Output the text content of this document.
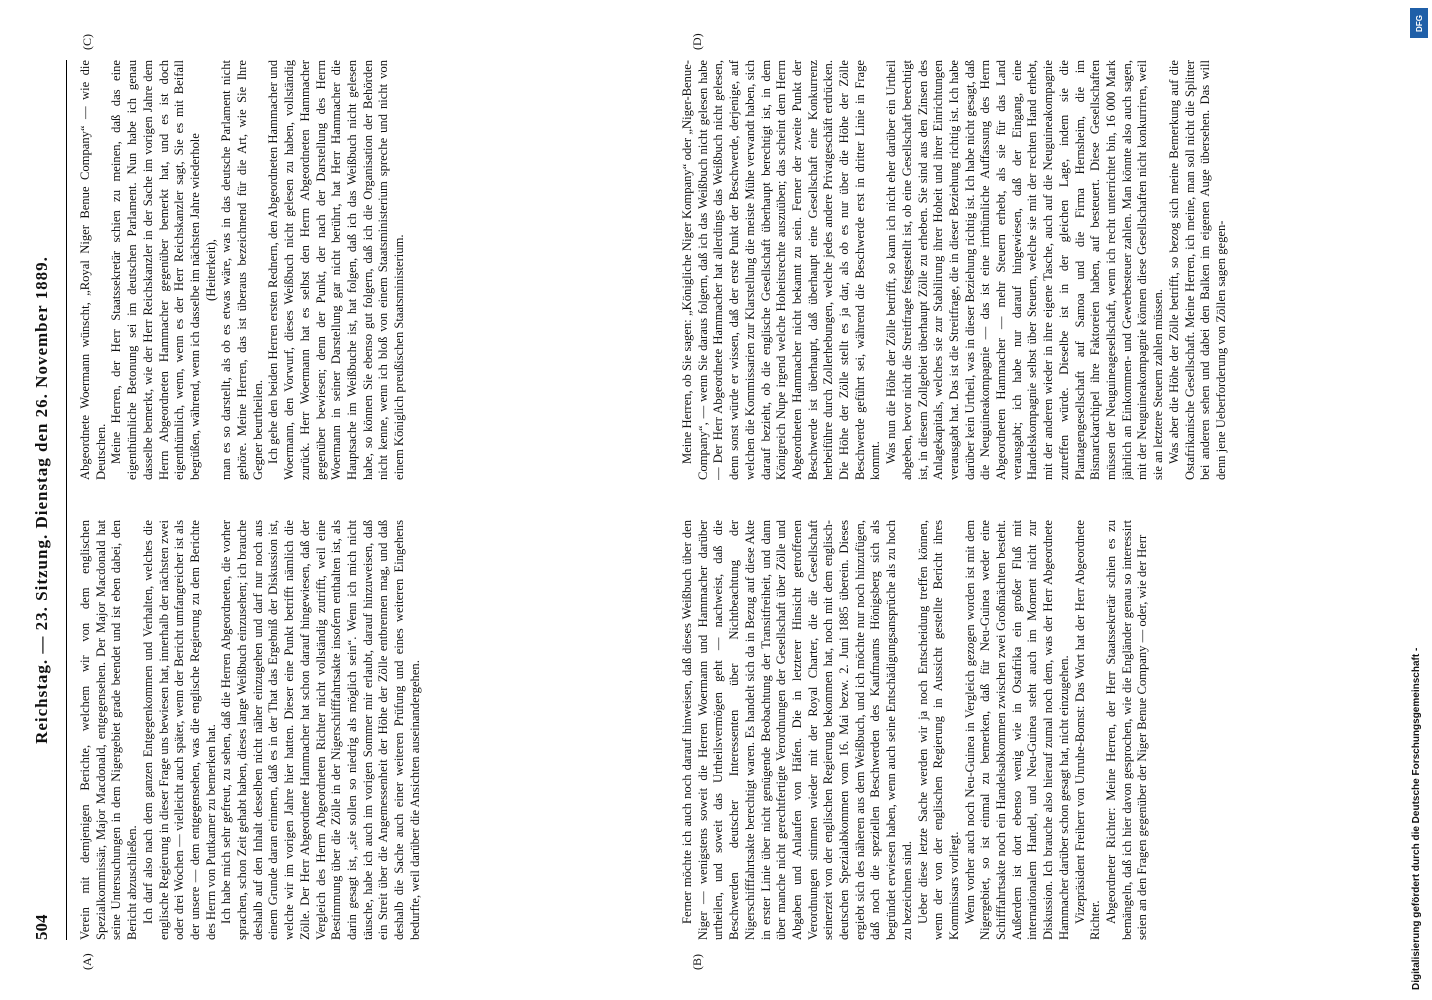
504
Reichstag. — 23. Sitzung. Dienstag den 26. November 1889.
(A)	(B)
(C)	(D)

Verein mit demjenigen Berichte, welchem wir von dem englischen Spezialkommissär, Major Macdonald, entgegensehen. Der Major Macdonald hat seine Untersuchungen in dem Nigergebiet grade beendet und ist eben dabei, den Bericht abzuschließen. Ich darf also nach dem ganzen Entgegenkommen und Verhalten, welches die englische Regierung in dieser Frage uns bewiesen hat, innerhalb der nächsten zwei oder drei Wochen — vielleicht auch später, wenn der Bericht umfangreicher ist als der unsere — dem entgegensehen, was die englische Regierung zu dem Berichte des Herrn von Puttkamer zu bemerken hat. Ich habe mich sehr gefreut, zu sehen, daß die Herren Abgeordneten, die vorher sprachen, schon Zeit gehabt haben, dieses lange Weißbuch einzusehen; ich brauche deshalb auf den Inhalt desselben nicht näher einzugehen und darf nur noch aus einem Grunde daran erinnern, daß es in der That das Ergebniß der Diskussion ist, welche wir im vorigen Jahre hier hatten. Dieser eine Punkt betrifft nämlich die Zölle. Der Herr Abgeordnete Hammacher hat schon darauf hingewiesen, daß der Vergleich des Herrn Abgeordneten Richter nicht vollständig zutrifft, weil eine Bestimmung über die Zölle in der Nigerschifffahrtsakte insofern enthalten ist, als darin gesagt ist, „sie sollen so niedrig als möglich sein“. Wenn ich mich nicht täusche, habe ich auch im vorigen Sommer mir erlaubt, darauf hinzuweisen, daß ein Streit über die Angemessenheit der Höhe der Zölle entbrennen mag, und daß deshalb die Sache auch einer weiteren Prüfung und eines weiteren Eingehens bedurfte, weil darüber die Ansichten auseinandergehen.

Abgeordnete Woermann wünscht, „Royal Niger Benue Company“ — wie die Deutschen. Meine Herren, der Herr Staatssekretär schien zu meinen, daß das eine eigenthümliche Betonung sei im deutschen Parlament. Nun habe ich genau dasselbe bemerkt, wie der Herr Reichskanzler in der Sache im vorigen Jahre dem Herrn Abgeordneten Hammacher gegenüber bemerkt hat, und es ist doch eigenthümlich, wenn, wenn es der Herr Reichskanzler sagt, Sie es mit Beifall begrüßen, während, wenn ich dasselbe im nächsten Jahre wiederhole (Heiterkeit), man es so darstellt, als ob es etwas wäre, was in das deutsche Parlament nicht gehöre. Meine Herren, das ist überaus bezeichnend für die Art, wie Sie Ihre Gegner beurtheilen. Ich gehe den beiden Herren ersten Rednern, den Abgeordneten Hammacher und Woermann, den Vorwurf, dieses Weißbuch nicht gelesen zu haben, vollständig zurück. Herr Woermann hat es selbst den Herrn Abgeordneten Hammacher gegenüber bewiesen; denn der Punkt, der nach der Darstellung des Herrn Woermann in seiner Darstellung gar nicht berührt, hat Herr Hammacher die Hauptsache im Weißbuche ist, hat folgen, daß ich das Weißbuch nicht gelesen habe, so können Sie ebenso gut folgern, daß ich die Organisation der Behörden nicht kenne, wenn ich bloß von einem Staatsministerium spreche und nicht von einem Königlich preußischen Staatsministerium.

Ferner möchte ich auch noch darauf hinweisen, daß dieses Weißbuch über den Niger — wenigstens soweit die Herren Woermann und Hammacher darüber urtheilen, und soweit das Urtheilsvermögen geht — nachweist, daß die Beschwerden deutscher Interessenten über Nichtbeachtung der Nigerschifffahrtsakte berechtigt waren. Es handelt sich da in Bezug auf diese Akte in erster Linie über nicht genügende Beobachtung der Transitfreiheit, und dann über manche nicht gerechtfertigte Verordnungen der Gesellschaft über Zölle und Abgaben und Anlaufen von Häfen. Die in letzterer Hinsicht getroffenen Verordnungen stimmen wieder mit der Royal Charter, die die Gesellschaft seinerzeit von der englischen Regierung bekommen hat, noch mit dem englisch-deutschen Spezialabkommen vom 16. Mai bezw. 2. Juni 1885 überein. Dieses ergiebt sich des näheren aus dem Weißbuch, und ich möchte nur noch hinzufügen, daß noch die speziellen Beschwerden des Kaufmanns Hönigsberg sich als begründet erwiesen haben, wenn auch seine Entschädigungsansprüche als zu hoch zu bezeichnen sind. Ueber diese letzte Sache werden wir ja noch Entscheidung treffen können, wenn der von der englischen Regierung in Aussicht gestellte Bericht ihres Kommissars vorliegt. Wenn vorher auch noch Neu-Guinea in Vergleich gezogen worden ist mit dem Nigergebiet, so ist einmal zu bemerken, daß für Neu-Guinea weder eine Schifffahrtsakte noch ein Handelsabkommen zwischen zwei Großmächten besteht. Außerdem ist dort ebenso wenig wie in Ostafrika ein großer Fluß mit internationalem Handel, und Neu-Guinea steht auch im Moment nicht zur Diskussion. Ich brauche also hierauf zumal noch dem, was der Herr Abgeordnete Hammacher darüber schon gesagt hat, nicht einzugehen. Vizepräsident Freiherr von Unruhe-Bomst: Das Wort hat der Herr Abgeordnete Richter. Abgeordneter Richter: Meine Herren, der Herr Staatssekretär schien es zu bemängeln, daß ich hier davon gesprochen, wie die Engländer genau so interessirt seien an den Fragen gegenüber der Niger Benue Company — oder, wie der Herr

Meine Herren, ob Sie sagen: „Königliche Niger Kompany“ oder „Niger-Benue-Company“, — wenn Sie daraus folgern, daß ich das Weißbuch nicht gelesen habe — Der Herr Abgeordnete Hammacher hat allerdings das Weißbuch nicht gelesen, denn sonst würde er wissen, daß der erste Punkt der Beschwerde, derjenige, auf welchen die Kommissarien zur Klarstellung die meiste Mühe verwandt haben, sich darauf bezieht, ob die englische Gesellschaft überhaupt berechtigt ist, in dem Königreich Nupe irgend welche Hoheitsrechte auszuüben; das scheint dem Herrn Abgeordneten Hammacher nicht bekannt zu sein. Ferner der zweite Punkt der Beschwerde ist überhaupt, daß überhaupt eine Gesellschaft eine Konkurrenz herbeiführe durch Zollerhebungen, welche jedes andere Privatgeschäft erdrücken. Die Höhe der Zölle stellt es ja dar, als ob es nur über die Höhe der Zölle Beschwerde geführt sei, während die Beschwerde erst in dritter Linie in Frage kommt. Was nun die Höhe der Zölle betrifft, so kann ich nicht eher darüber ein Urtheil abgeben, bevor nicht die Streitfrage festgestellt ist, ob eine Gesellschaft berechtigt ist, in diesem Zollgebiet überhaupt Zölle zu erheben. Sie sind aus den Zinsen des Anlagekapitals, welches sie zur Stabilirung ihrer Hoheit und ihrer Einrichtungen verausgabt hat. Das ist die Streitfrage, die in dieser Beziehung richtig ist. Ich habe darüber kein Urtheil, was in dieser Beziehung richtig ist. Ich habe nicht gesagt, daß die Neuguineakompagnie — das ist eine irrthümliche Auffassung des Herrn Abgeordneten Hammacher — mehr Steuern erhebt, als sie für das Land verausgabt; ich habe nur darauf hingewiesen, daß der Eingang, eine Handelskompagnie selbst über Steuern, welche sie mit der rechten Hand erhebt, mit der anderen wieder in ihre eigene Tasche, auch auf die Neuguineakompagnie zutreffen würde. Dieselbe ist in der gleichen Lage, indem sie die Plantagengesellschaft auf Samoa und die Firma Hernsheim, die im Bismarckarchipel ihre Faktoreien haben, auf besteuert. Diese Gesellschaften müssen der Neuguineagesellschaft, wenn ich recht unterrichtet bin, 16 000 Mark jährlich an Einkommen- und Gewerbesteuer zahlen. Man könnte also auch sagen, mit der Neuguineakompagnie können diese Gesellschaften nicht konkurriren, weil sie an letztere Steuern zahlen müssen. Was aber die Höhe der Zölle betrifft, so bezog sich meine Bemerkung auf die Ostafrikanische Gesellschaft. Meine Herren, ich meine, man soll nicht die Splitter bei anderen sehen und dabei den Balken im eigenen Auge übersehen. Das will denn jene Ueberforderung von Zöllen sagen gegen-

DFG
Digitalisierung gefördert durch die Deutsche Forschungsgemeinschaft -
